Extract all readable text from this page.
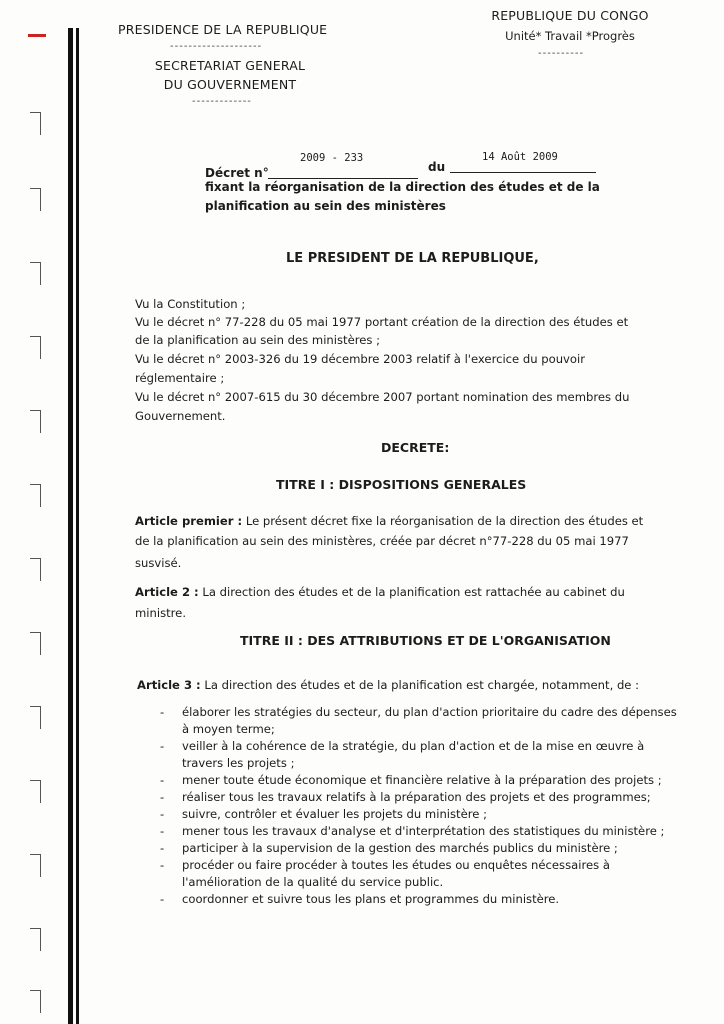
PRESIDENCE DE LA REPUBLIQUE
--------------------
SECRETARIAT GENERAL
DU GOUVERNEMENT
-------------
REPUBLIQUE DU CONGO
Unité* Travail *Progrès
----------
Décret n°
2009 - 233
du
14 Août 2009
fixant la réorganisation de la direction des études et de la
planification au sein des ministères
LE PRESIDENT DE LA REPUBLIQUE,
Vu la Constitution ;
Vu le décret n° 77-228 du 05 mai 1977 portant création de la direction des études et
de la planification au sein des ministères ;
Vu le décret n° 2003-326 du 19 décembre 2003 relatif à l'exercice du pouvoir
réglementaire ;
Vu le décret n° 2007-615 du 30 décembre 2007 portant nomination des membres du
Gouvernement.
DECRETE:
TITRE I : DISPOSITIONS GENERALES
Article premier : Le présent décret fixe la réorganisation de la direction des études et
de la planification au sein des ministères, créée par décret n°77-228 du 05 mai 1977
susvisé.
Article 2 : La direction des études et de la planification est rattachée au cabinet du
ministre.
TITRE II : DES ATTRIBUTIONS ET DE L'ORGANISATION
Article 3 : La direction des études et de la planification est chargée, notamment, de :
- élaborer les stratégies du secteur, du plan d'action prioritaire du cadre des dépenses à moyen terme;
- veiller à la cohérence de la stratégie, du plan d'action et de la mise en œuvre à travers les projets ;
- mener toute étude économique et financière relative à la préparation des projets ;
- réaliser tous les travaux relatifs à la préparation des projets et des programmes;
- suivre, contrôler et évaluer les projets du ministère ;
- mener tous les travaux d'analyse et d'interprétation des statistiques du ministère ;
- participer à la supervision de la gestion des marchés publics du ministère ;
- procéder ou faire procéder à toutes les études ou enquêtes nécessaires à l'amélioration de la qualité du service public.
- coordonner et suivre tous les plans et programmes du ministère.
